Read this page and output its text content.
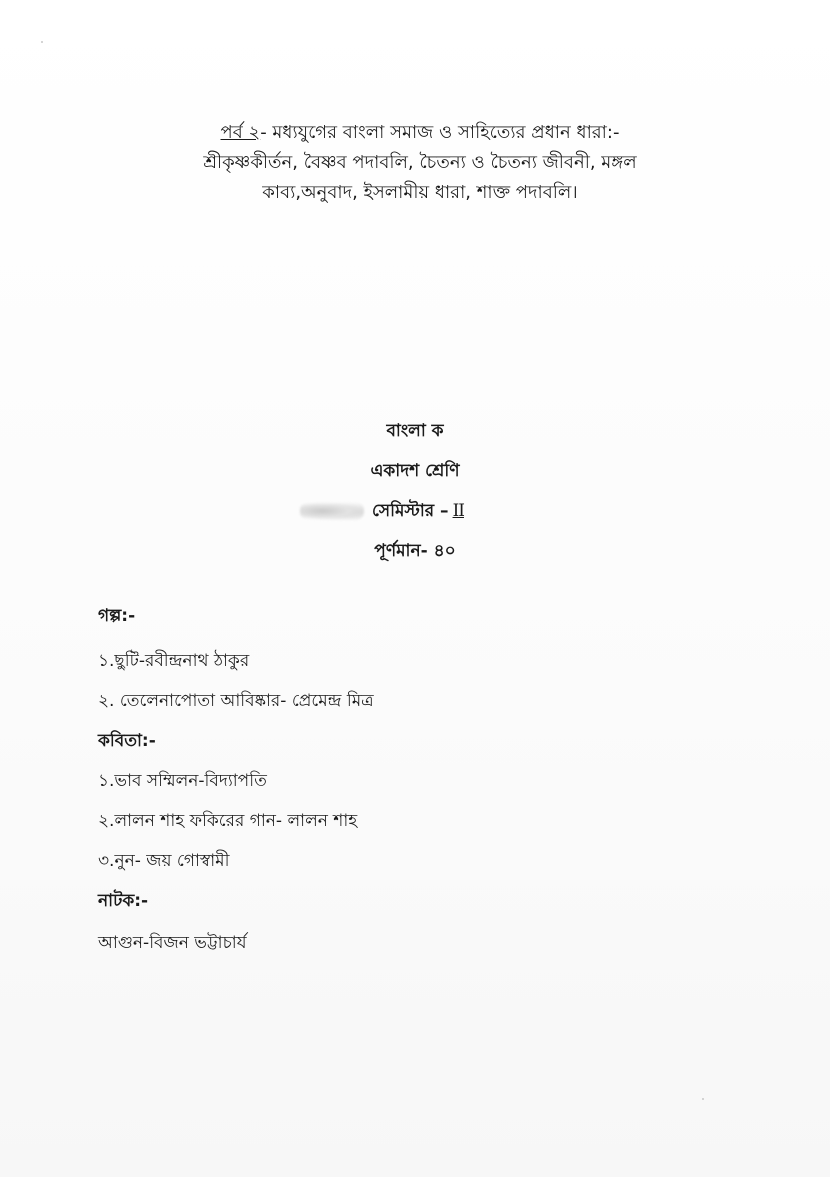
পর্ব ২- মধ্যযুগের বাংলা সমাজ ও সাহিত্যের প্রধান ধারা:-
শ্রীকৃষ্ণকীর্তন, বৈষ্ণব পদাবলি, চৈতন্য ও চৈতন্য জীবনী, মঙ্গল
কাব্য,অনুবাদ, ইসলামীয় ধারা, শাক্ত পদাবলি।
বাংলা ক
একাদশ শ্রেণি
সেমিস্টার – II
পূর্ণমান- ৪০
গল্প:-
১.ছুটি-রবীন্দ্রনাথ ঠাকুর
২. তেলেনাপোতা আবিষ্কার- প্রেমেন্দ্র মিত্র
কবিতা:-
১.ভাব সম্মিলন-বিদ্যাপতি
২.লালন শাহ ফকিরের গান- লালন শাহ
৩.নুন- জয় গোস্বামী
নাটক:-
আগুন-বিজন ভট্টাচার্য
